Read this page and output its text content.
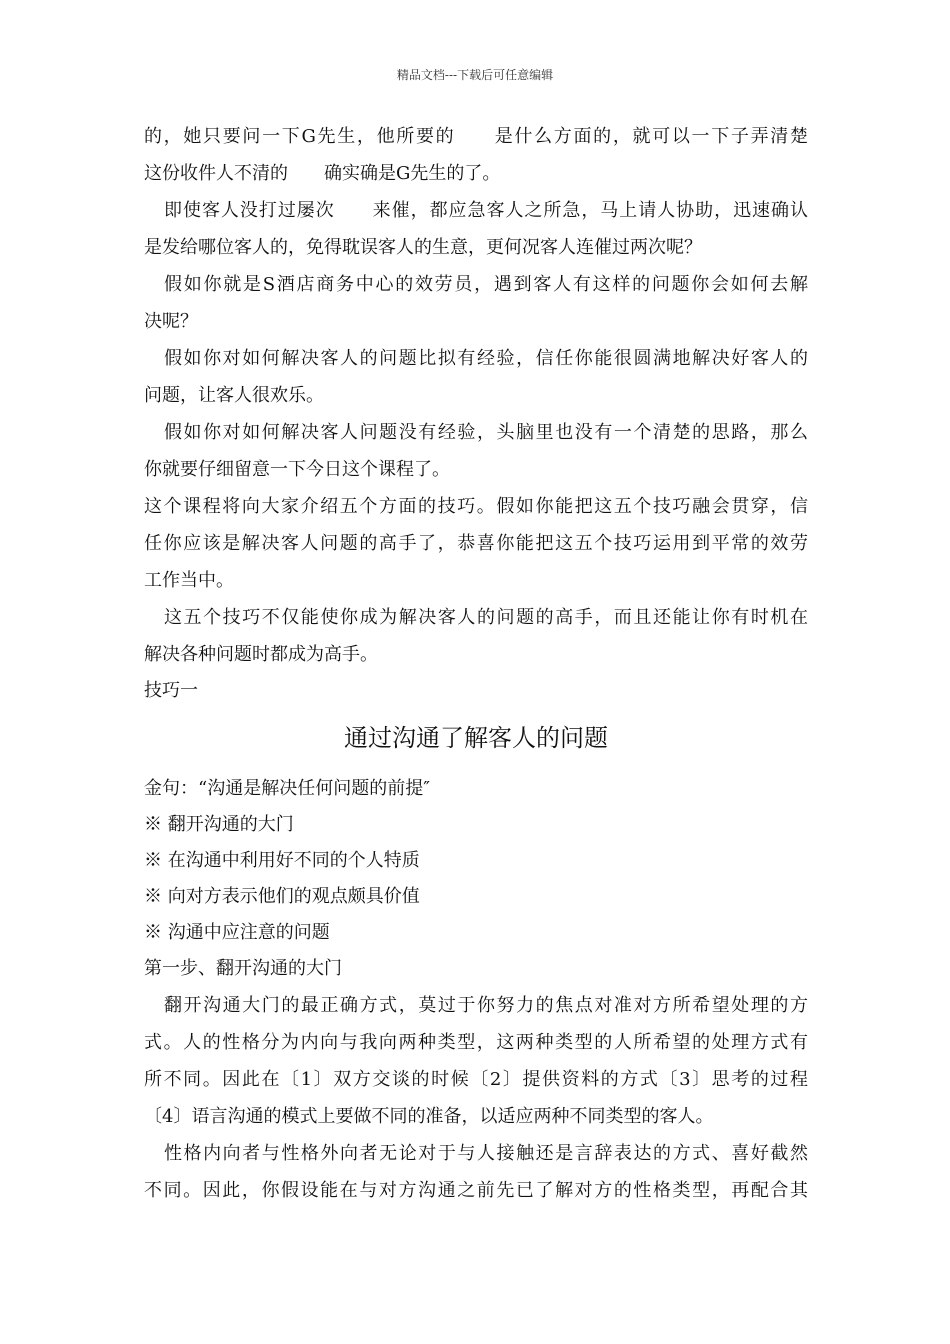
精品文档---下载后可任意编辑
的，她只要问一下G先生，他所要的　　是什么方面的，就可以一下子弄清楚
这份收件人不清的　　确实确是G先生的了。
即使客人没打过屡次　　来催，都应急客人之所急，马上请人协助，迅速确认
是发给哪位客人的，免得耽误客人的生意，更何况客人连催过两次呢？
假如你就是S酒店商务中心的效劳员，遇到客人有这样的问题你会如何去解
决呢？
假如你对如何解决客人的问题比拟有经验，信任你能很圆满地解决好客人的
问题，让客人很欢乐。
假如你对如何解决客人问题没有经验，头脑里也没有一个清楚的思路，那么
你就要仔细留意一下今日这个课程了。
这个课程将向大家介绍五个方面的技巧。假如你能把这五个技巧融会贯穿，信
任你应该是解决客人问题的高手了，恭喜你能把这五个技巧运用到平常的效劳
工作当中。
这五个技巧不仅能使你成为解决客人的问题的高手，而且还能让你有时机在
解决各种问题时都成为高手。
技巧一
通过沟通了解客人的问题
金句：“沟通是解决任何问题的前提″
※ 翻开沟通的大门
※ 在沟通中利用好不同的个人特质
※ 向对方表示他们的观点颇具价值
※ 沟通中应注意的问题
第一步、翻开沟通的大门
翻开沟通大门的最正确方式，莫过于你努力的焦点对准对方所希望处理的方
式。人的性格分为内向与我向两种类型，这两种类型的人所希望的处理方式有
所不同。因此在〔1〕双方交谈的时候〔2〕提供资料的方式〔3〕思考的过程
〔4〕语言沟通的模式上要做不同的准备，以适应两种不同类型的客人。
性格内向者与性格外向者无论对于与人接触还是言辞表达的方式、喜好截然
不同。因此，你假设能在与对方沟通之前先已了解对方的性格类型，再配合其
